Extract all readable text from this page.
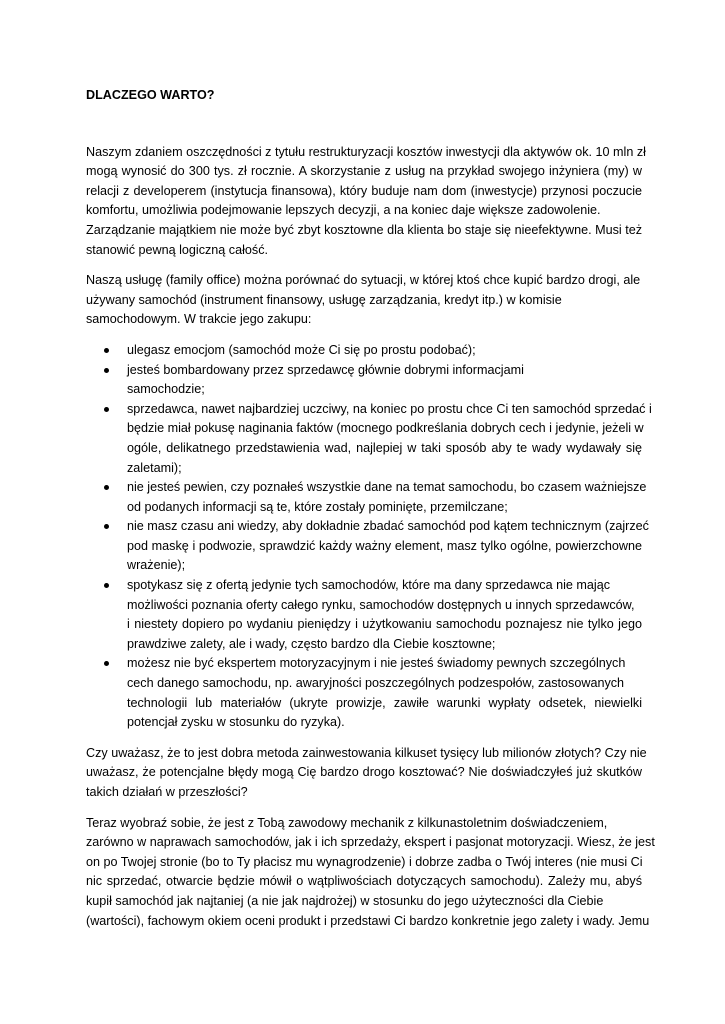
DLACZEGO WARTO?
Naszym zdaniem oszczędności z tytułu restrukturyzacji kosztów inwestycji dla aktywów ok. 10 mln zł
mogą wynosić do 300 tys. zł rocznie. A skorzystanie z usług na przykład swojego inżyniera (my) w
relacji z developerem (instytucja finansowa), który buduje nam dom (inwestycje) przynosi poczucie
komfortu, umożliwia podejmowanie lepszych decyzji, a na koniec daje większe zadowolenie.
Zarządzanie majątkiem nie może być zbyt kosztowne dla klienta bo staje się nieefektywne. Musi też
stanowić pewną logiczną całość.
Naszą usługę (family office) można porównać do sytuacji, w której ktoś chce kupić bardzo drogi, ale
używany samochód (instrument finansowy, usługę zarządzania, kredyt itp.) w komisie
samochodowym. W trakcie jego zakupu:
ulegasz emocjom (samochód może Ci się po prostu podobać);
jesteś bombardowany przez sprzedawcę głównie dobrymi informacjami
samochodzie;
sprzedawca, nawet najbardziej uczciwy, na koniec po prostu chce Ci ten samochód sprzedać i
będzie miał pokusę naginania faktów (mocnego podkreślania dobrych cech i jedynie, jeżeli w
ogóle, delikatnego przedstawienia wad, najlepiej w taki sposób aby te wady wydawały się
zaletami);
nie jesteś pewien, czy poznałeś wszystkie dane na temat samochodu, bo czasem ważniejsze
od podanych informacji są te, które zostały pominięte, przemilczane;
nie masz czasu ani wiedzy, aby dokładnie zbadać samochód pod kątem technicznym (zajrzeć
pod maskę i podwozie, sprawdzić każdy ważny element, masz tylko ogólne, powierzchowne
wrażenie);
spotykasz się z ofertą jedynie tych samochodów, które ma dany sprzedawca nie mając
możliwości poznania oferty całego rynku, samochodów dostępnych u innych sprzedawców,
i niestety dopiero po wydaniu pieniędzy i użytkowaniu samochodu poznajesz nie tylko jego
prawdziwe zalety, ale i wady, często bardzo dla Ciebie kosztowne;
możesz nie być ekspertem motoryzacyjnym i nie jesteś świadomy pewnych szczególnych
cech danego samochodu, np. awaryjności poszczególnych podzespołów, zastosowanych
technologii lub materiałów (ukryte prowizje, zawiłe warunki wypłaty odsetek, niewielki
potencjał zysku w stosunku do ryzyka).
Czy uważasz, że to jest dobra metoda zainwestowania kilkuset tysięcy lub milionów złotych? Czy nie
uważasz, że potencjalne błędy mogą Cię bardzo drogo kosztować? Nie doświadczyłeś już skutków
takich działań w przeszłości?
Teraz wyobraź sobie, że jest z Tobą zawodowy mechanik z kilkunastoletnim doświadczeniem,
zarówno w naprawach samochodów, jak i ich sprzedaży, ekspert i pasjonat motoryzacji. Wiesz, że jest
on po Twojej stronie (bo to Ty płacisz mu wynagrodzenie) i dobrze zadba o Twój interes (nie musi Ci
nic sprzedać, otwarcie będzie mówił o wątpliwościach dotyczących samochodu). Zależy mu, abyś
kupił samochód jak najtaniej (a nie jak najdrożej) w stosunku do jego użyteczności dla Ciebie
(wartości), fachowym okiem oceni produkt i przedstawi Ci bardzo konkretnie jego zalety i wady. Jemu
